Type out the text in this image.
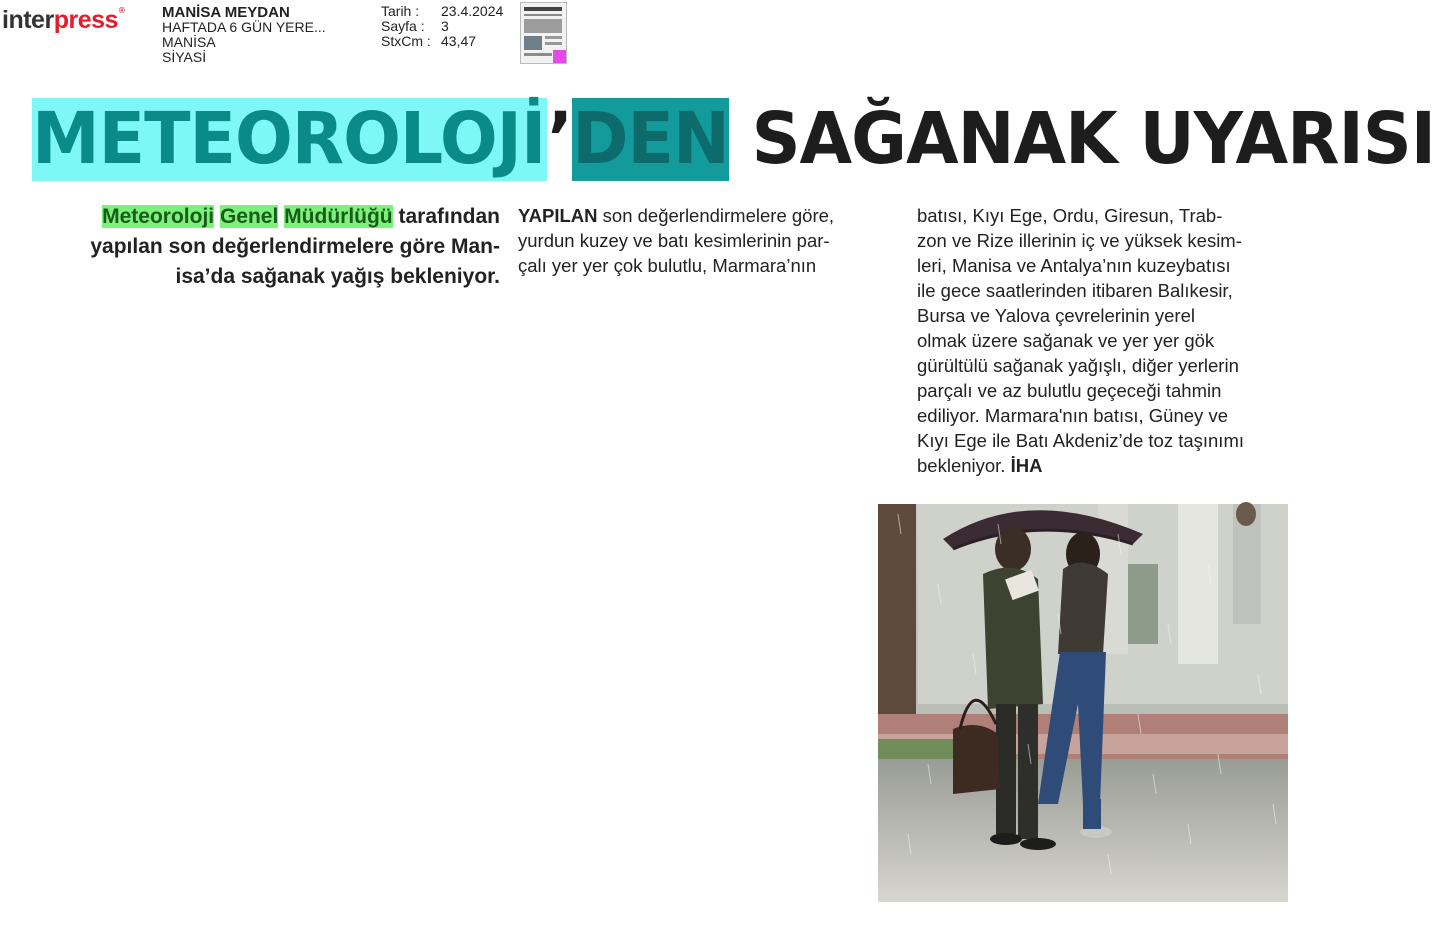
interpress®	MANİSA MEYDAN
HAFTADA 6 GÜN YERE...
MANİSA
SİYASİ
Tarih :	23.4.2024
Sayfa :	3
StxCm : 43,47
METEOROLOJİ’DEN SAĞANAK UYARISI
Meteoroloji Genel Müdürlüğü tarafından
yapılan son değerlendirmelere göre Man-
isa’da sağanak yağış bekleniyor.
YAPILAN son değerlendirmelere göre,
yurdun kuzey ve batı kesimlerinin par-
çalı yer yer çok bulutlu, Marmara’nın
batısı, Kıyı Ege, Ordu, Giresun, Trab-
zon ve Rize illerinin iç ve yüksek kesim-
leri, Manisa ve Antalya’nın kuzeybatısı
ile gece saatlerinden itibaren Balıkesir,
Bursa ve Yalova çevrelerinin yerel
olmak üzere sağanak ve yer yer gök
gürültülü sağanak yağışlı, diğer yerlerin
parçalı ve az bulutlu geçeceği tahmin
ediliyor. Marmara'nın batısı, Güney ve
Kıyı Ege ile Batı Akdeniz’de toz taşınımı
bekleniyor. İHA
